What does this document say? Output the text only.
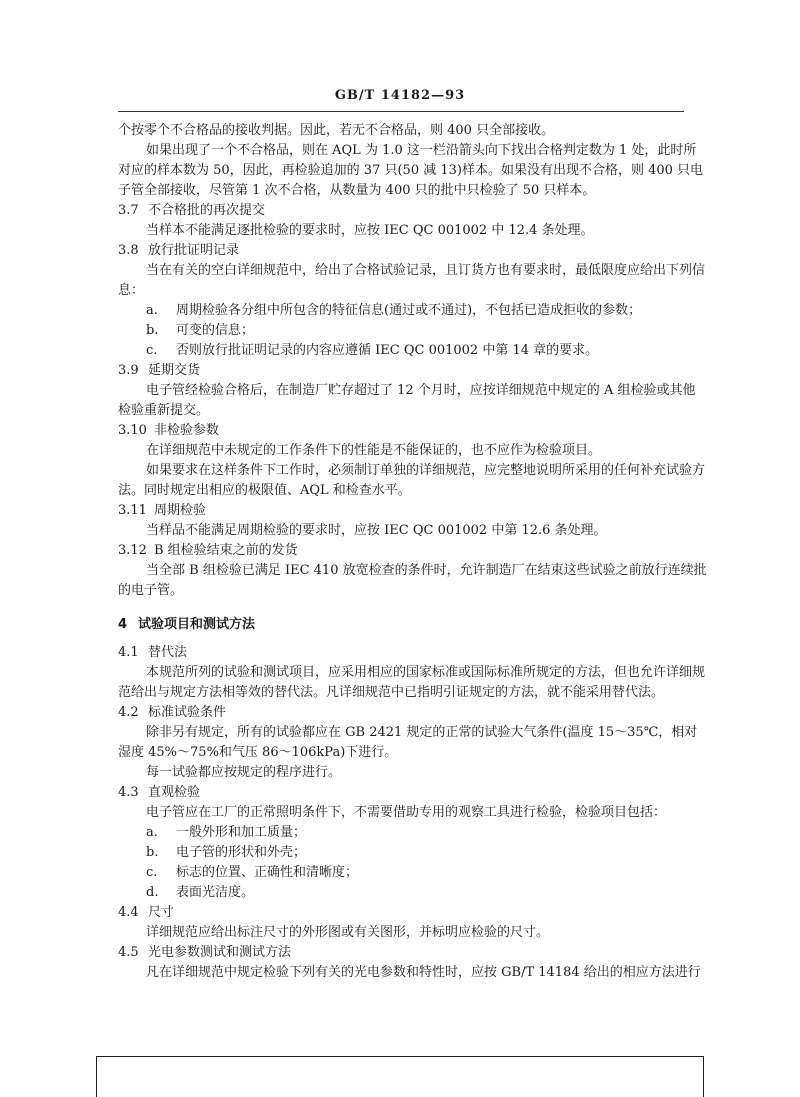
GB/T 14182—93

个按零个不合格品的接收判据。因此，若无不合格品，则 400 只全部接收。

如果出现了一个不合格品，则在 AQL 为 1.0 这一栏沿箭头向下找出合格判定数为 1 处，此时所对应的样本数为 50，因此，再检验追加的 37 只(50 减 13)样本。如果没有出现不合格，则 400 只电子管全部接收，尽管第 1 次不合格，从数量为 400 只的批中只检验了 50 只样本。

3.7 不合格批的再次提交

当样本不能满足逐批检验的要求时，应按 IEC QC 001002 中 12.4 条处理。

3.8 放行批证明记录

当在有关的空白详细规范中，给出了合格试验记录，且订货方也有要求时，最低限度应给出下列信息：

a. 周期检验各分组中所包含的特征信息(通过或不通过)，不包括已造成拒收的参数；

b. 可变的信息；

c. 否则放行批证明记录的内容应遵循 IEC QC 001002 中第 14 章的要求。

3.9 延期交货

电子管经检验合格后，在制造厂贮存超过了 12 个月时，应按详细规范中规定的 A 组检验或其他检验重新提交。

3.10 非检验参数

在详细规范中未规定的工作条件下的性能是不能保证的，也不应作为检验项目。

如果要求在这样条件下工作时，必须制订单独的详细规范，应完整地说明所采用的任何补充试验方法。同时规定出相应的极限值、AQL 和检查水平。

3.11 周期检验

当样品不能满足周期检验的要求时，应按 IEC QC 001002 中第 12.6 条处理。

3.12 B 组检验结束之前的发货

当全部 B 组检验已满足 IEC 410 放宽检查的条件时，允许制造厂在结束这些试验之前放行连续批的电子管。

4 试验项目和测试方法

4.1 替代法

本规范所列的试验和测试项目，应采用相应的国家标准或国际标准所规定的方法，但也允许详细规范给出与规定方法相等效的替代法。凡详细规范中已指明引证规定的方法，就不能采用替代法。

4.2 标准试验条件

除非另有规定，所有的试验都应在 GB 2421 规定的正常的试验大气条件(温度 15～35℃，相对湿度 45%～75%和气压 86～106kPa)下进行。

每一试验都应按规定的程序进行。

4.3 直观检验

电子管应在工厂的正常照明条件下，不需要借助专用的观察工具进行检验，检验项目包括：

a. 一般外形和加工质量；

b. 电子管的形状和外壳；

c. 标志的位置、正确性和清晰度；

d. 表面光洁度。

4.4 尺寸

详细规范应给出标注尺寸的外形图或有关图形，并标明应检验的尺寸。

4.5 光电参数测试和测试方法

凡在详细规范中规定检验下列有关的光电参数和特性时，应按 GB/T 14184 给出的相应方法进行
